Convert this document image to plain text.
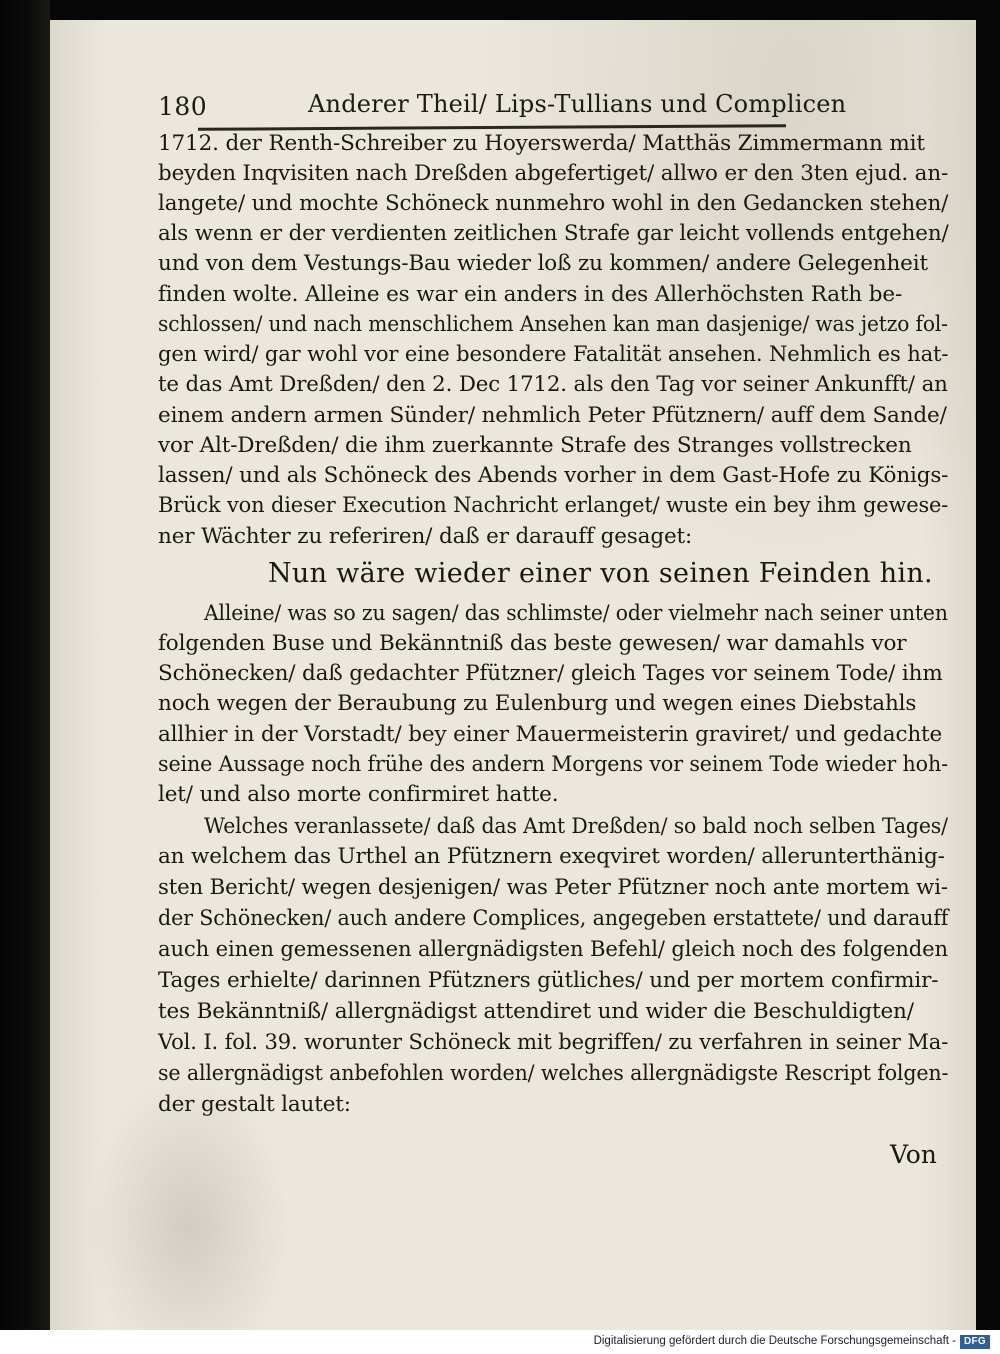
180	Anderer Theil/ Lips-Tullians und Complicen
1712. der Renth-Schreiber zu Hoyerswerda/ Matthäs Zimmermann mit
beyden Inqvisiten nach Dreßden abgefertiget/ allwo er den 3ten ejud. an-
langete/ und mochte Schöneck nunmehro wohl in den Gedancken stehen/
als wenn er der verdienten zeitlichen Strafe gar leicht vollends entgehen/
und von dem Vestungs-Bau wieder loß zu kommen/ andere Gelegenheit
finden wolte. Alleine es war ein anders in des Allerhöchsten Rath be-
schlossen/ und nach menschlichem Ansehen kan man dasjenige/ was jetzo fol-
gen wird/ gar wohl vor eine besondere Fatalität ansehen. Nehmlich es hat-
te das Amt Dreßden/ den 2. Dec 1712. als den Tag vor seiner Ankunfft/ an
einem andern armen Sünder/ nehmlich Peter Pfütznern/ auff dem Sande/
vor Alt-Dreßden/ die ihm zuerkannte Strafe des Stranges vollstrecken
lassen/ und als Schöneck des Abends vorher in dem Gast-Hofe zu Königs-
Brück von dieser Execution Nachricht erlanget/ wuste ein bey ihm gewese-
ner Wächter zu referiren/ daß er darauff gesaget:
Nun wäre wieder einer von seinen Feinden hin.
Alleine/ was so zu sagen/ das schlimste/ oder vielmehr nach seiner unten
folgenden Buse und Bekänntniß das beste gewesen/ war damahls vor
Schönecken/ daß gedachter Pfützner/ gleich Tages vor seinem Tode/ ihm
noch wegen der Beraubung zu Eulenburg und wegen eines Diebstahls
allhier in der Vorstadt/ bey einer Mauermeisterin graviret/ und gedachte
seine Aussage noch frühe des andern Morgens vor seinem Tode wieder hoh-
let/ und also morte confirmiret hatte.
Welches veranlassete/ daß das Amt Dreßden/ so bald noch selben Tages/
an welchem das Urthel an Pfütznern exeqviret worden/ allerunterthänig-
sten Bericht/ wegen desjenigen/ was Peter Pfützner noch ante mortem wi-
der Schönecken/ auch andere Complices, angegeben erstattete/ und darauff
auch einen gemessenen allergnädigsten Befehl/ gleich noch des folgenden
Tages erhielte/ darinnen Pfützners gütliches/ und per mortem confirmir-
tes Bekänntniß/ allergnädigst attendiret und wider die Beschuldigten/
Vol. I. fol. 39. worunter Schöneck mit begriffen/ zu verfahren in seiner Ma-
se allergnädigst anbefohlen worden/ welches allergnädigste Rescript folgen-
der gestalt lautet:
Von
Digitalisierung gefördert durch die Deutsche Forschungsgemeinschaft - DFG
